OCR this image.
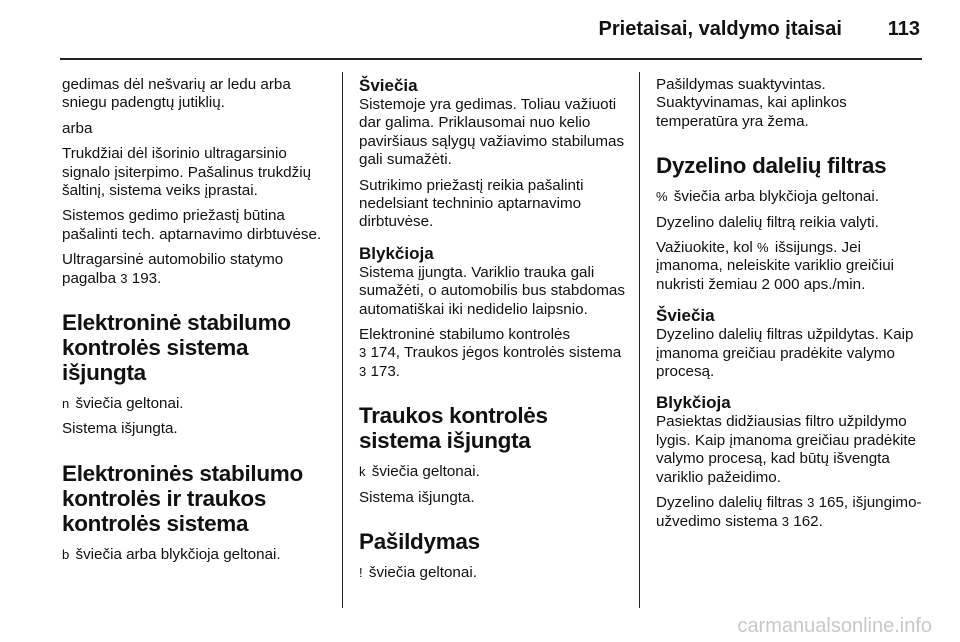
Prietaisai, valdymo įtaisai 113

gedimas dėl nešvarių ar ledu arba sniegu padengtų jutiklių.

arba

Trukdžiai dėl išorinio ultragarsinio signalo įsiterpimo. Pašalinus trukdžių šaltinį, sistema veiks įprastai.

Sistemos gedimo priežastį būtina pašalinti tech. aptarnavimo dirbtuvėse.

Ultragarsinė automobilio statymo pagalba 3 193.

Elektroninė stabilumo kontrolės sistema išjungta

n šviečia geltonai.

Sistema išjungta.

Elektroninės stabilumo kontrolės ir traukos kontrolės sistema

b šviečia arba blykčioja geltonai.

Šviečia

Sistemoje yra gedimas. Toliau važiuoti dar galima. Priklausomai nuo kelio paviršiaus sąlygų važiavimo stabilumas gali sumažėti.

Sutrikimo priežastį reikia pašalinti nedelsiant techninio aptarnavimo dirbtuvėse.

Blykčioja

Sistema įjungta. Variklio trauka gali sumažėti, o automobilis bus stabdomas automatiškai iki nedidelio laipsnio.

Elektroninė stabilumo kontrolės
3 174, Traukos jėgos kontrolės sistema 3 173.

Traukos kontrolės sistema išjungta

k šviečia geltonai.

Sistema išjungta.

Pašildymas

! šviečia geltonai.

Pašildymas suaktyvintas. Suaktyvinamas, kai aplinkos temperatūra yra žema.

Dyzelino dalelių filtras

% šviečia arba blykčioja geltonai.

Dyzelino dalelių filtrą reikia valyti.

Važiuokite, kol % išsijungs. Jei įmanoma, neleiskite variklio greičiui nukristi žemiau 2 000 aps./min.

Šviečia

Dyzelino dalelių filtras užpildytas. Kaip įmanoma greičiau pradėkite valymo procesą.

Blykčioja

Pasiektas didžiausias filtro užpildymo lygis. Kaip įmanoma greičiau pradėkite valymo procesą, kad būtų išvengta variklio pažeidimo.

Dyzelino dalelių filtras 3 165, išjungimo-užvedimo sistema 3 162.

carmanualsonline.info
